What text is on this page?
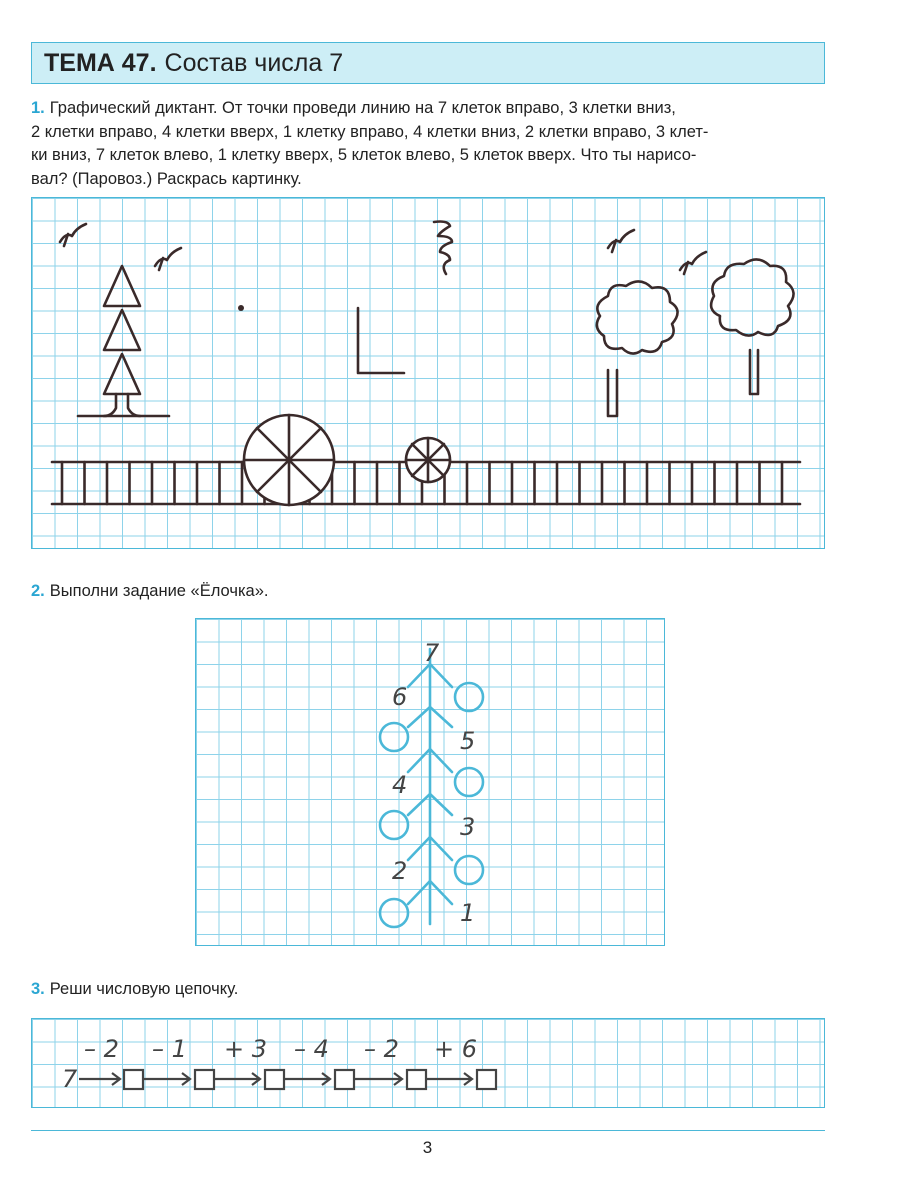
ТЕМА 47. Состав числа 7
1. Графический диктант. От точки проведи линию на 7 клеток вправо, 3 клетки вниз,
2 клетки вправо, 4 клетки вверх, 1 клетку вправо, 4 клетки вниз, 2 клетки вправо, 3 клет-
ки вниз, 7 клеток влево, 1 клетку вверх, 5 клеток влево, 5 клеток вверх. Что ты нарисо-
вал? (Паровоз.) Раскрась картинку.
2. Выполни задание «Ёлочка».
7
6
4
2
5
3
1
3. Реши числовую цепочку.
7
– 2 – 1 + 3 – 4 – 2 + 6
3
